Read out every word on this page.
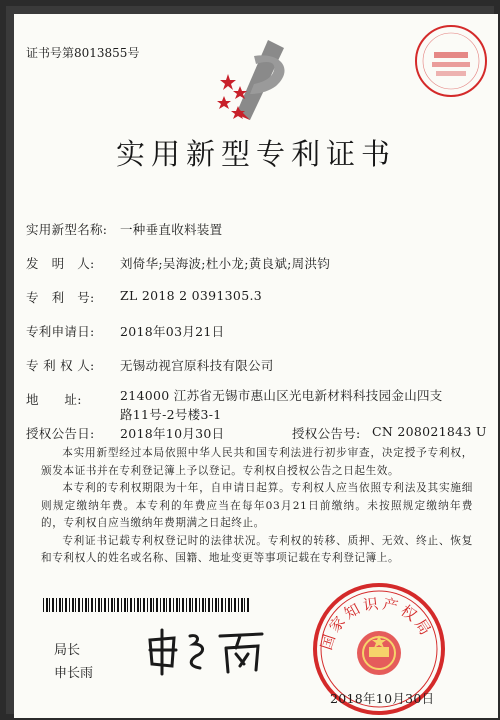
证书号第8013855号
实用新型专利证书
实用新型名称: 一种垂直收料装置
发　明　人: 刘倚华;吴海波;杜小龙;黄良斌;周洪钧
专　利　号: ZL 2018 2 0391305.3
专利申请日: 2018年03月21日
专 利 权 人: 无锡动视宫原科技有限公司
地　　址:	214000 江苏省无锡市惠山区光电新材料科技园金山四支
路11号-2号楼3-1
授权公告日: 2018年10月30日	授权公告号: CN 208021843 U

本实用新型经过本局依照中华人民共和国专利法进行初步审查，决定授予专利权，颁发本证书并在专利登记簿上予以登记。专利权自授权公告之日起生效。

本专利的专利权期限为十年，自申请日起算。专利权人应当依照专利法及其实施细则规定缴纳年费。本专利的年费应当在每年03月21日前缴纳。未按照规定缴纳年费的，专利权自应当缴纳年费期满之日起终止。

专利证书记载专利权登记时的法律状况。专利权的转移、质押、无效、终止、恢复和专利权人的姓名或名称、国籍、地址变更等事项记载在专利登记簿上。

局长
申长雨
国家知识产权局
2018年10月30日
